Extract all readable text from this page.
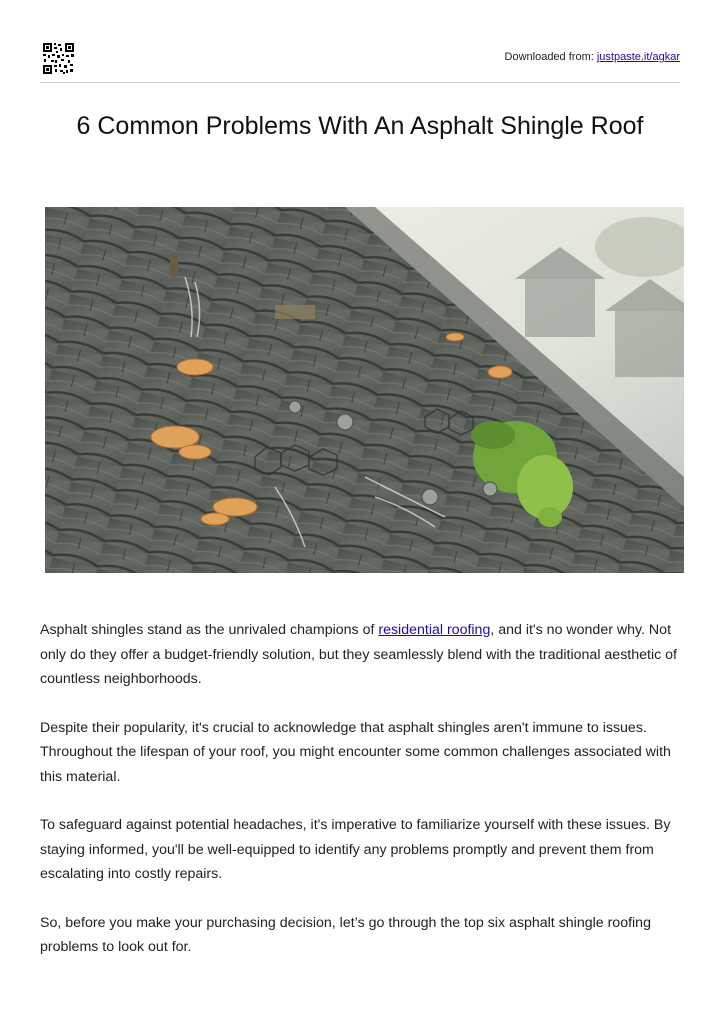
Downloaded from: justpaste.it/agkar
6 Common Problems With An Asphalt Shingle Roof

Asphalt shingles stand as the unrivaled champions of residential roofing, and it's no wonder why. Not only do they offer a budget-friendly solution, but they seamlessly blend with the traditional aesthetic of countless neighborhoods.

Despite their popularity, it's crucial to acknowledge that asphalt shingles aren't immune to issues. Throughout the lifespan of your roof, you might encounter some common challenges associated with this material.

To safeguard against potential headaches, it's imperative to familiarize yourself with these issues. By staying informed, you'll be well-equipped to identify any problems promptly and prevent them from escalating into costly repairs.

So, before you make your purchasing decision, let’s go through the top six asphalt shingle roofing problems to look out for.
